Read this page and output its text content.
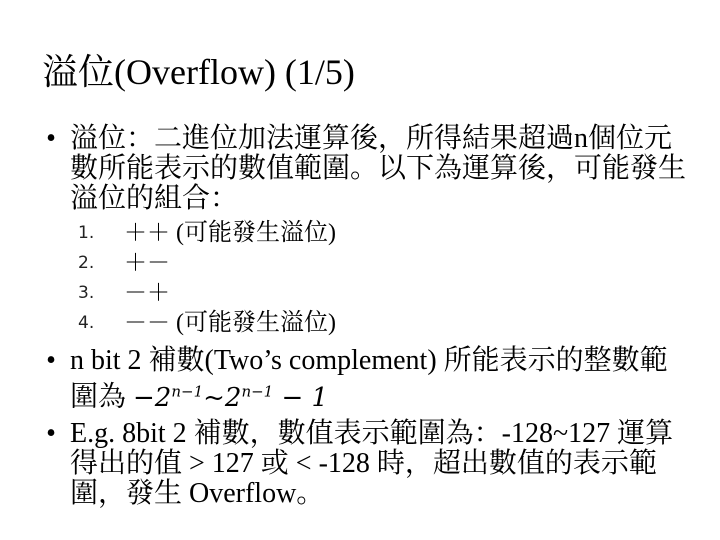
溢位(Overflow) (1/5)
• 溢位：二進位加法運算後，所得結果超過n個位元數所能表示的數值範圍。以下為運算後，可能發生溢位的組合：
1.	＋＋ (可能發生溢位)
2.	＋－
3.	－＋
4.	－－ (可能發生溢位)
• n bit 2 補數(Two’s complement) 所能表示的整數範圍為 $-2^{n-1}\sim 2^{n-1} - 1$
• E.g. 8bit 2 補數，數值表示範圍為：-128~127 運算得出的值 > 127 或 < -128 時，超出數值的表示範圍，發生 Overflow。
